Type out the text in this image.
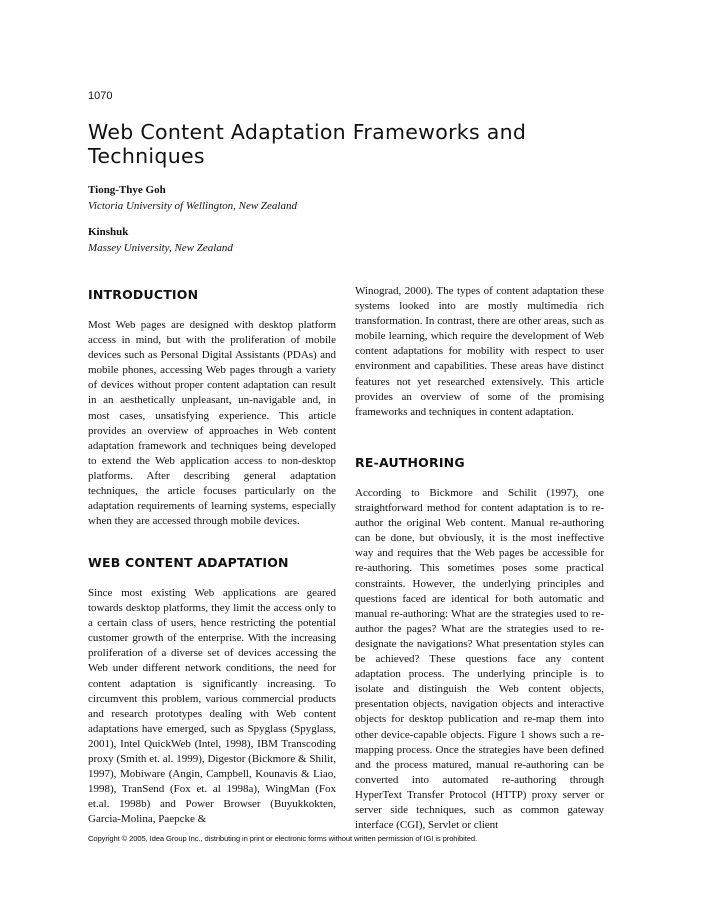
1070
Web Content Adaptation Frameworks and Techniques
Tiong-Thye Goh
Victoria University of Wellington, New Zealand
Kinshuk
Massey University, New Zealand
INTRODUCTION

Most Web pages are designed with desktop platform access in mind, but with the proliferation of mobile devices such as Personal Digital Assistants (PDAs) and mobile phones, accessing Web pages through a variety of devices without proper content adaptation can result in an aesthetically unpleasant, un-navigable and, in most cases, unsatisfying experience. This article provides an overview of approaches in Web content adaptation framework and techniques being developed to extend the Web application access to non-desktop platforms. After describing general adaptation techniques, the article focuses particularly on the adaptation requirements of learning systems, especially when they are accessed through mobile devices.

WEB CONTENT ADAPTATION

Since most existing Web applications are geared towards desktop platforms, they limit the access only to a certain class of users, hence restricting the potential customer growth of the enterprise. With the increasing proliferation of a diverse set of devices accessing the Web under different network conditions, the need for content adaptation is significantly increasing. To circumvent this problem, various commercial products and research prototypes dealing with Web content adaptations have emerged, such as Spyglass (Spyglass, 2001), Intel QuickWeb (Intel, 1998), IBM Transcoding proxy (Smith et. al. 1999), Digestor (Bickmore & Shilit, 1997), Mobiware (Angin, Campbell, Kounavis & Liao, 1998), TranSend (Fox et. al 1998a), WingMan (Fox et.al. 1998b) and Power Browser (Buyukkokten, Garcia-Molina, Paepcke &

Winograd, 2000). The types of content adaptation these systems looked into are mostly multimedia rich transformation. In contrast, there are other areas, such as mobile learning, which require the development of Web content adaptations for mobility with respect to user environment and capabilities. These areas have distinct features not yet researched extensively. This article provides an overview of some of the promising frameworks and techniques in content adaptation.

RE-AUTHORING

According to Bickmore and Schilit (1997), one straightforward method for content adaptation is to re-author the original Web content. Manual re-authoring can be done, but obviously, it is the most ineffective way and requires that the Web pages be accessible for re-authoring. This sometimes poses some practical constraints. However, the underlying principles and questions faced are identical for both automatic and manual re-authoring: What are the strategies used to re-author the pages? What are the strategies used to re-designate the navigations? What presentation styles can be achieved? These questions face any content adaptation process. The underlying principle is to isolate and distinguish the Web content objects, presentation objects, navigation objects and interactive objects for desktop publication and re-map them into other device-capable objects. Figure 1 shows such a re-mapping process. Once the strategies have been defined and the process matured, manual re-authoring can be converted into automated re-authoring through HyperText Transfer Protocol (HTTP) proxy server or server side techniques, such as common gateway interface (CGI), Servlet or client

Copyright © 2005, Idea Group Inc., distributing in print or electronic forms without written permission of IGI is prohibited.
